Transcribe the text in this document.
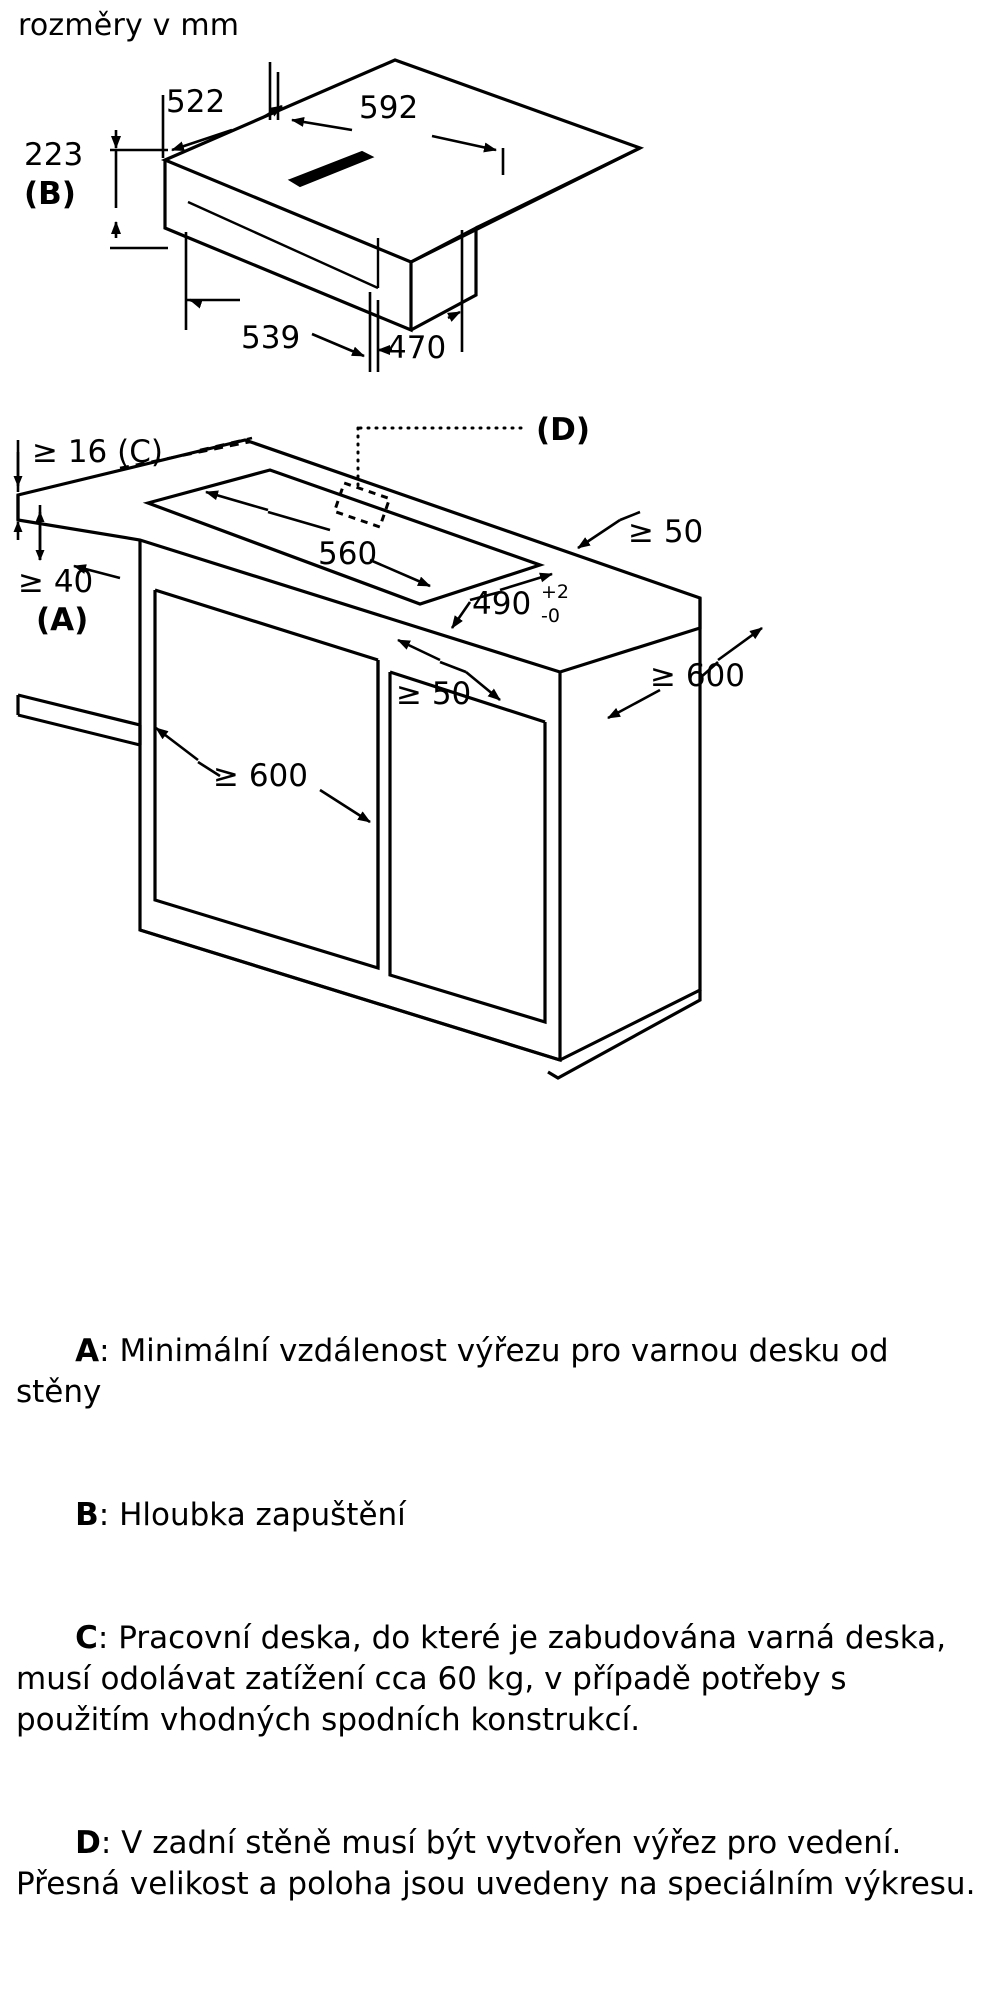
rozměry v mm
522	592
223
(B)
539	470
(D)
≥ 16 (C)
≥ 40
(A)
560
490 +2
-0
≥ 50
≥ 50	≥ 600
≥ 600

A: Minimální vzdálenost výřezu pro varnou desku od stěny

B: Hloubka zapuštění

C: Pracovní deska, do které je zabudována varná deska, musí odolávat zatížení cca 60 kg, v případě potřeby s použitím vhodných spodních konstrukcí.

D: V zadní stěně musí být vytvořen výřez pro vedení. Přesná velikost a poloha jsou uvedeny na speciálním výkresu.
